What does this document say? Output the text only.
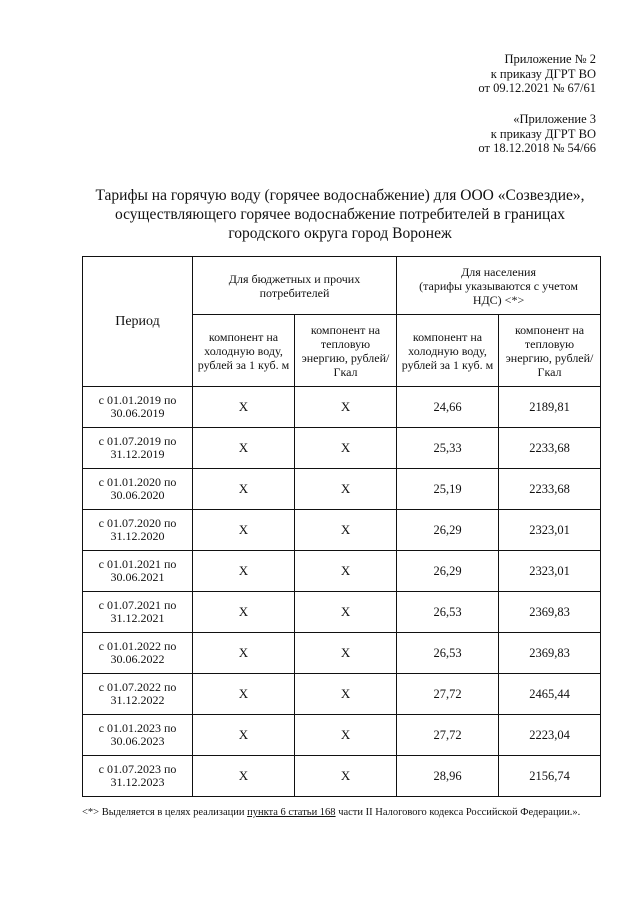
Приложение № 2
к приказу ДГРТ ВО
от 09.12.2021 № 67/61
«Приложение 3
к приказу ДГРТ ВО
от 18.12.2018 № 54/66
Тарифы на горячую воду (горячее водоснабжение) для ООО «Созвездие»,
осуществляющего горячее водоснабжение потребителей в границах
городского округа город Воронеж
Период	Для бюджетных и прочих потребителей		Для населения
(тарифы указываются с учетом
НДС) <*>	

	компонент на холодную воду, рублей за 1 куб. м	компонент на тепловую энергию, рублей/Гкал	компонент на холодную воду, рублей за 1 куб. м	компонент на тепловую энергию, рублей/Гкал

с 01.01.2019 по
30.06.2019	Х	Х	24,66	2189,81

с 01.07.2019 по
31.12.2019	Х	Х	25,33	2233,68

с 01.01.2020 по
30.06.2020	Х	Х	25,19	2233,68

с 01.07.2020 по
31.12.2020	Х	Х	26,29	2323,01

с 01.01.2021 по
30.06.2021	Х	Х	26,29	2323,01

с 01.07.2021 по
31.12.2021	Х	Х	26,53	2369,83

с 01.01.2022 по
30.06.2022	Х	Х	26,53	2369,83

с 01.07.2022 по
31.12.2022	Х	Х	27,72	2465,44

с 01.01.2023 по
30.06.2023	Х	Х	27,72	2223,04

с 01.07.2023 по
31.12.2023	Х	Х	28,96	2156,74
<*> Выделяется в целях реализации пункта 6 статьи 168 части II Налогового кодекса Российской Федерации.».
